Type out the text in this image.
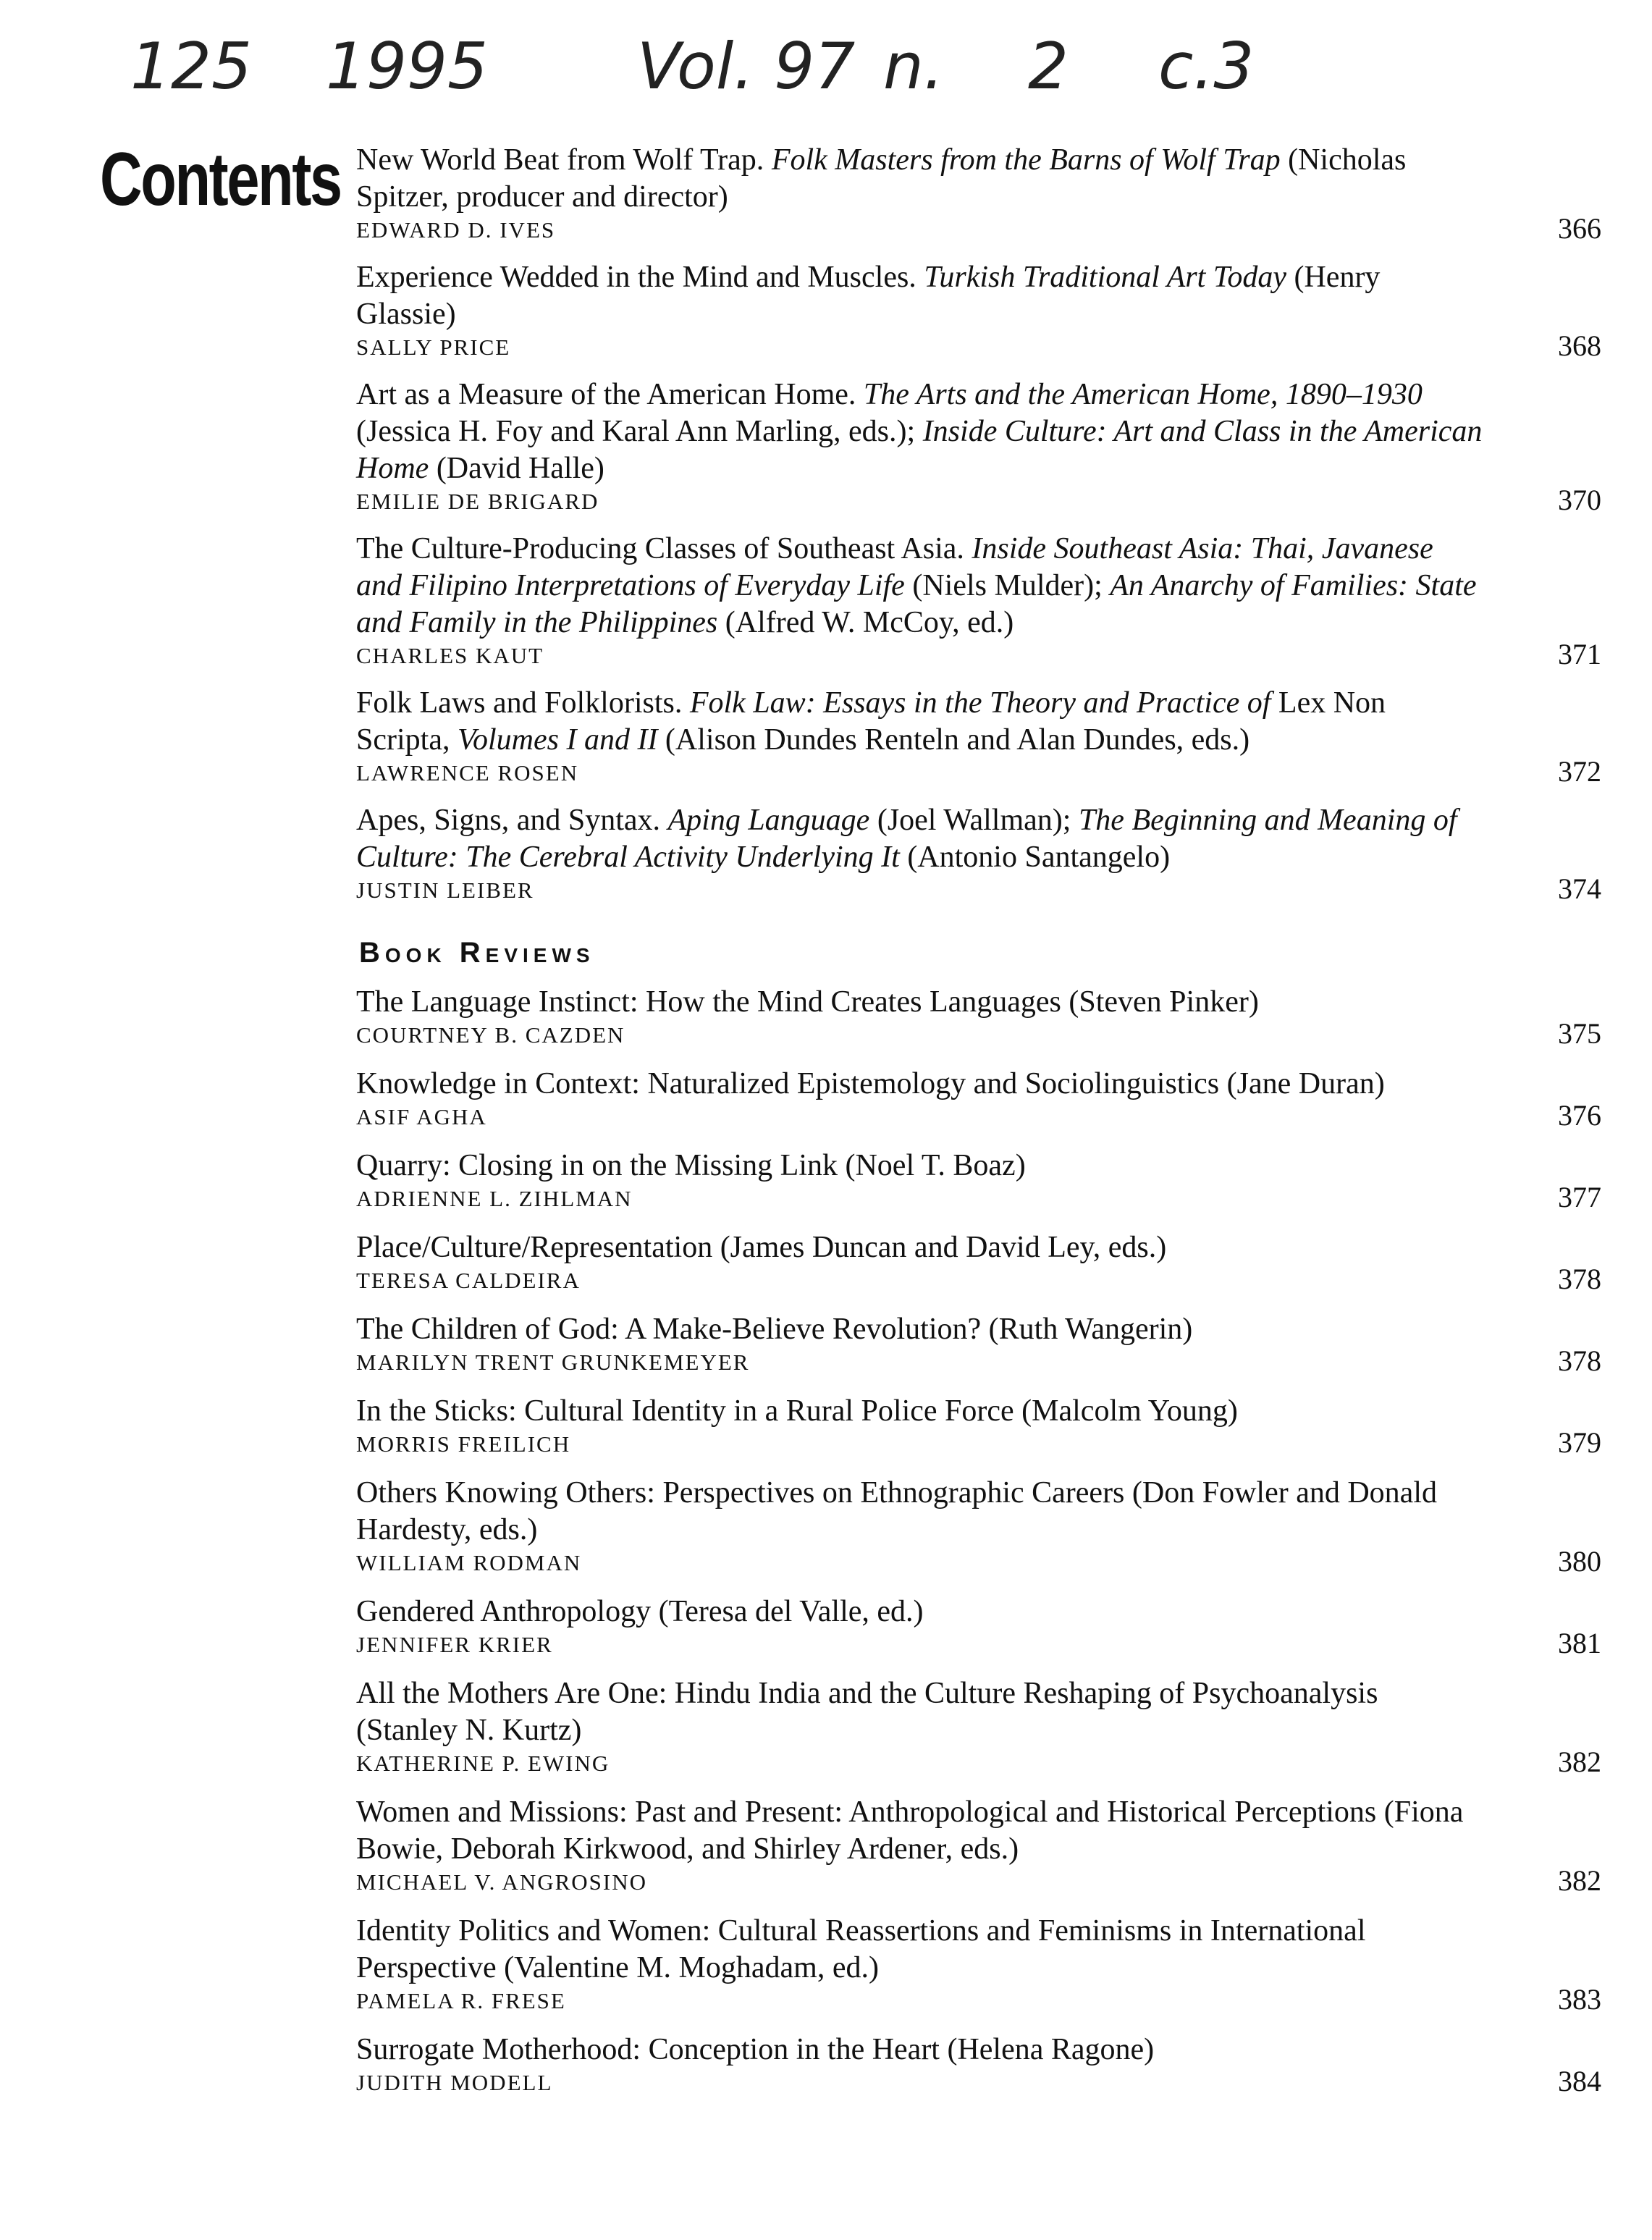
125 1995 Vol. 97 n. 2 c.3
Contents New World Beat from Wolf Trap. Folk Masters from the Barns of Wolf Trap (Nicholas Spitzer, producer and director)
EDWARD D. IVES	366
Experience Wedded in the Mind and Muscles. Turkish Traditional Art Today (Henry Glassie)
SALLY PRICE	368
Art as a Measure of the American Home. The Arts and the American Home, 1890–1930 (Jessica H. Foy and Karal Ann Marling, eds.); Inside Culture: Art and Class in the American Home (David Halle)
EMILIE DE BRIGARD	370
The Culture-Producing Classes of Southeast Asia. Inside Southeast Asia: Thai, Javanese and Filipino Interpretations of Everyday Life (Niels Mulder); An Anarchy of Families: State and Family in the Philippines (Alfred W. McCoy, ed.)
CHARLES KAUT	371
Folk Laws and Folklorists. Folk Law: Essays in the Theory and Practice of Lex Non Scripta, Volumes I and II (Alison Dundes Renteln and Alan Dundes, eds.)
LAWRENCE ROSEN	372
Apes, Signs, and Syntax. Aping Language (Joel Wallman); The Beginning and Meaning of Culture: The Cerebral Activity Underlying It (Antonio Santangelo)
JUSTIN LEIBER	374
Book Reviews
The Language Instinct: How the Mind Creates Languages (Steven Pinker)
COURTNEY B. CAZDEN	375
Knowledge in Context: Naturalized Epistemology and Sociolinguistics (Jane Duran)
ASIF AGHA	376
Quarry: Closing in on the Missing Link (Noel T. Boaz)
ADRIENNE L. ZIHLMAN	377
Place/Culture/Representation (James Duncan and David Ley, eds.)
TERESA CALDEIRA	378
The Children of God: A Make-Believe Revolution? (Ruth Wangerin)
MARILYN TRENT GRUNKEMEYER	378
In the Sticks: Cultural Identity in a Rural Police Force (Malcolm Young)
MORRIS FREILICH	379
Others Knowing Others: Perspectives on Ethnographic Careers (Don Fowler and Donald Hardesty, eds.)
WILLIAM RODMAN	380
Gendered Anthropology (Teresa del Valle, ed.)
JENNIFER KRIER	381
All the Mothers Are One: Hindu India and the Culture Reshaping of Psychoanalysis (Stanley N. Kurtz)
KATHERINE P. EWING	382
Women and Missions: Past and Present: Anthropological and Historical Perceptions (Fiona Bowie, Deborah Kirkwood, and Shirley Ardener, eds.)
MICHAEL V. ANGROSINO	382
Identity Politics and Women: Cultural Reassertions and Feminisms in International Perspective (Valentine M. Moghadam, ed.)
PAMELA R. FRESE	383
Surrogate Motherhood: Conception in the Heart (Helena Ragone)
JUDITH MODELL	384
